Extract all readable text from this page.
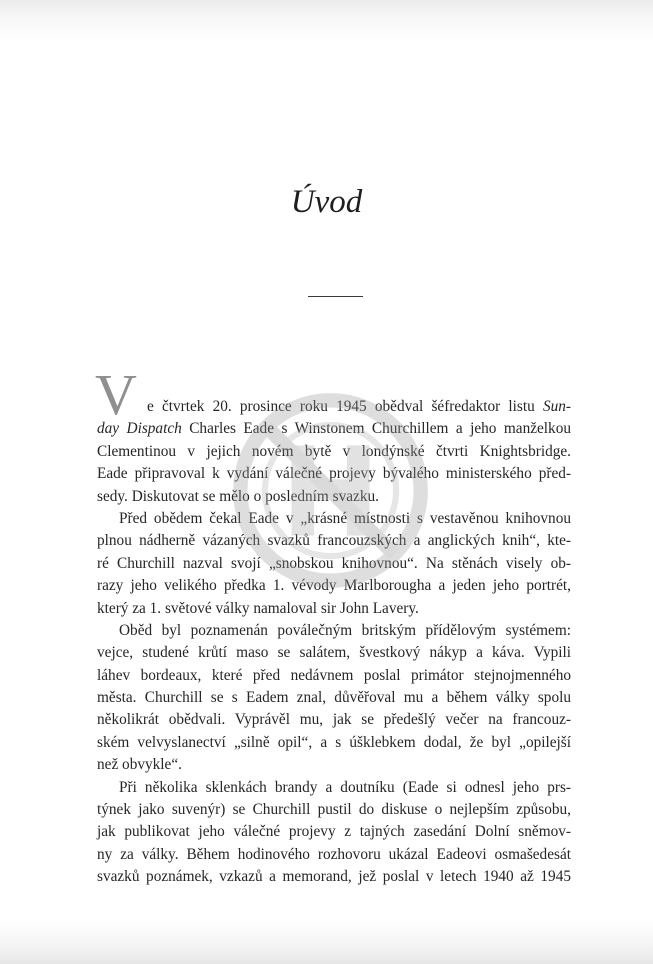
Úvod
V e čtvrtek 20. prosince roku 1945 obědval šéfredaktor listu Sun-
day Dispatch Charles Eade s Winstonem Churchillem a jeho manželkou
Clementinou v jejich novém bytě v londýnské čtvrti Knightsbridge.
Eade připravoval k vydání válečné projevy bývalého ministerského před-
sedy. Diskutovat se mělo o posledním svazku.
Před obědem čekal Eade v „krásné místnosti s vestavěnou knihovnou
plnou nádherně vázaných svazků francouzských a anglických knih“, kte-
ré Churchill nazval svojí „snobskou knihovnou“. Na stěnách visely ob-
razy jeho velikého předka 1. vévody Marlborougha a jeden jeho portrét,
který za 1. světové války namaloval sir John Lavery.
Oběd byl poznamenán poválečným britským přídělovým systémem:
vejce, studené krůtí maso se salátem, švestkový nákyp a káva. Vypili
láhev bordeaux, které před nedávnem poslal primátor stejnojmenného
města. Churchill se s Eadem znal, důvěřoval mu a během války spolu
několikrát obědvali. Vyprávěl mu, jak se předešlý večer na francouz-
ském velvyslanectví „silně opil“, a s úšklebkem dodal, že byl „opilejší
než obvykle“.
Při několika sklenkách brandy a doutníku (Eade si odnesl jeho prs-
týnek jako suvenýr) se Churchill pustil do diskuse o nejlepším způsobu,
jak publikovat jeho válečné projevy z tajných zasedání Dolní sněmov-
ny za války. Během hodinového rozhovoru ukázal Eadeovi osmašedesát
svazků poznámek, vzkazů a memorand, jež poslal v letech 1940 až 1945
